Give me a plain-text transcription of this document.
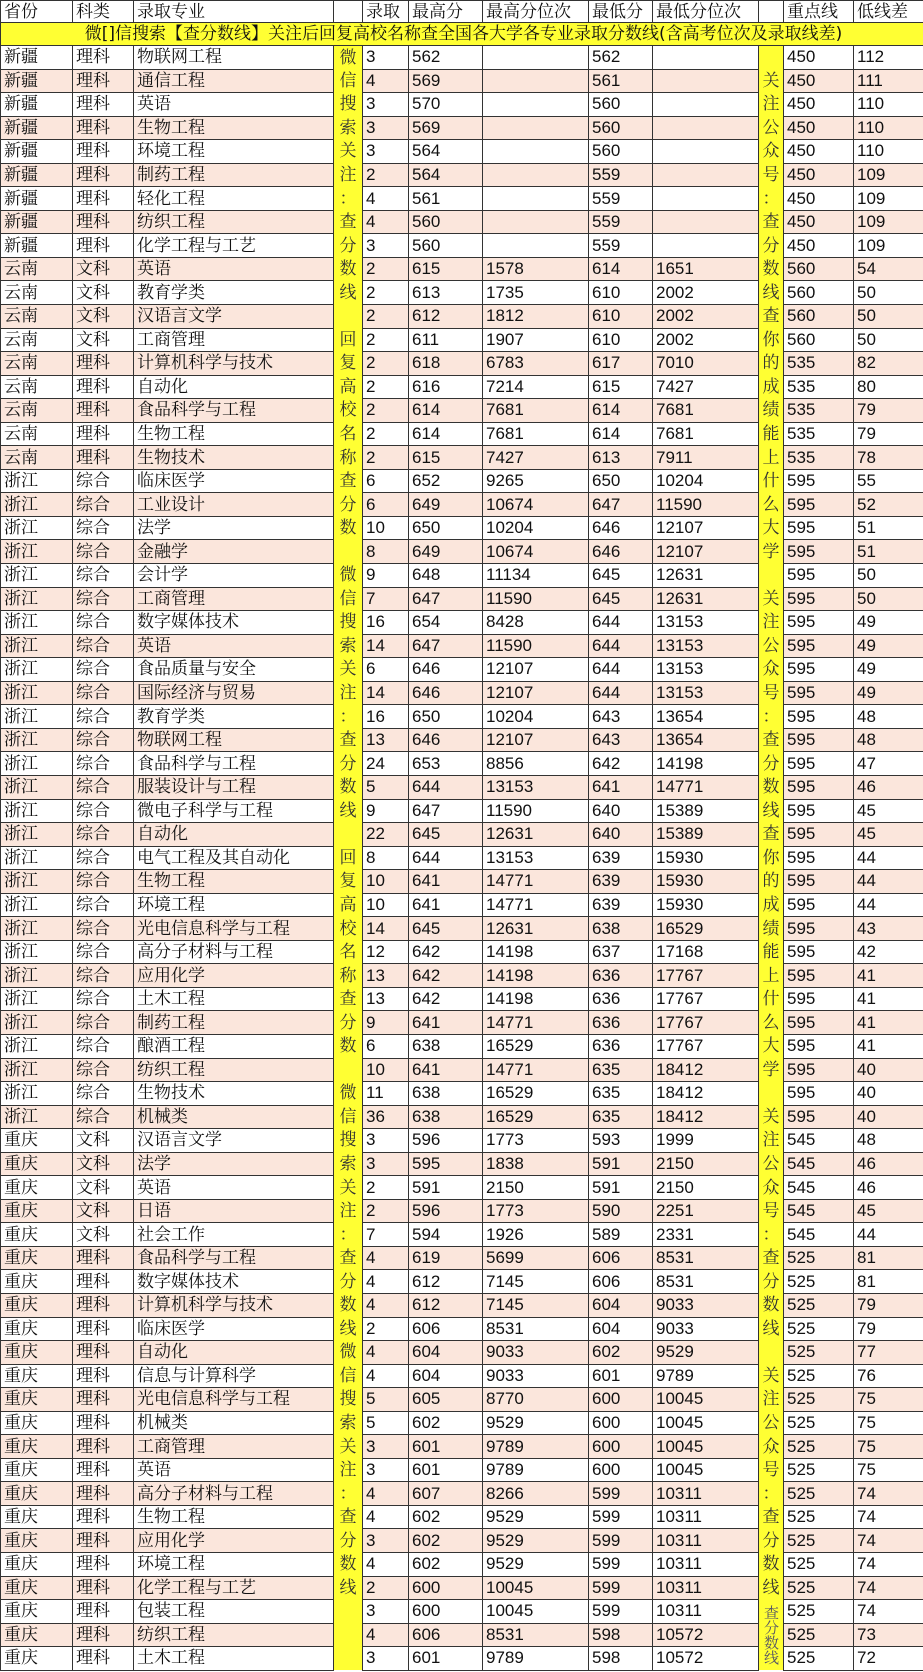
省份	科类	录取专业		录取	最高分	最高分位次	最低分	最低分位次		重点线	低线差
微[]信搜索【查分数线】关注后回复高校名称查全国各大学各专业录取分数线(含高考位次及录取线差)											
新疆	理科	物联网工程	微	3	562		562			450	112
新疆	理科	通信工程	信	4	569		561		关	450	111
新疆	理科	英语	搜	3	570		560		注	450	110
新疆	理科	生物工程	索	3	569		560		公	450	110
新疆	理科	环境工程	关	3	564		560		众	450	110
新疆	理科	制药工程	注	2	564		559		号	450	109
新疆	理科	轻化工程	：	4	561		559		：	450	109
新疆	理科	纺织工程	查	4	560		559		查	450	109
新疆	理科	化学工程与工艺	分	3	560		559		分	450	109
云南	文科	英语	数	2	615	1578	614	1651	数	560	54
云南	文科	教育学类	线	2	613	1735	610	2002	线	560	50
云南	文科	汉语言文学		2	612	1812	610	2002	查	560	50
云南	文科	工商管理	回	2	611	1907	610	2002	你	560	50
云南	理科	计算机科学与技术	复	2	618	6783	617	7010	的	535	82
云南	理科	自动化	高	2	616	7214	615	7427	成	535	80
云南	理科	食品科学与工程	校	2	614	7681	614	7681	绩	535	79
云南	理科	生物工程	名	2	614	7681	614	7681	能	535	79
云南	理科	生物技术	称	2	615	7427	613	7911	上	535	78
浙江	综合	临床医学	查	6	652	9265	650	10204	什	595	55
浙江	综合	工业设计	分	6	649	10674	647	11590	么	595	52
浙江	综合	法学	数	10	650	10204	646	12107	大	595	51
浙江	综合	金融学		8	649	10674	646	12107	学	595	51
浙江	综合	会计学	微	9	648	11134	645	12631		595	50
浙江	综合	工商管理	信	7	647	11590	645	12631	关	595	50
浙江	综合	数字媒体技术	搜	16	654	8428	644	13153	注	595	49
浙江	综合	英语	索	14	647	11590	644	13153	公	595	49
浙江	综合	食品质量与安全	关	6	646	12107	644	13153	众	595	49
浙江	综合	国际经济与贸易	注	14	646	12107	644	13153	号	595	49
浙江	综合	教育学类	：	16	650	10204	643	13654	：	595	48
浙江	综合	物联网工程	查	13	646	12107	643	13654	查	595	48
浙江	综合	食品科学与工程	分	24	653	8856	642	14198	分	595	47
浙江	综合	服装设计与工程	数	5	644	13153	641	14771	数	595	46
浙江	综合	微电子科学与工程	线	9	647	11590	640	15389	线	595	45
浙江	综合	自动化		22	645	12631	640	15389	查	595	45
浙江	综合	电气工程及其自动化	回	8	644	13153	639	15930	你	595	44
浙江	综合	生物工程	复	10	641	14771	639	15930	的	595	44
浙江	综合	环境工程	高	10	641	14771	639	15930	成	595	44
浙江	综合	光电信息科学与工程	校	14	645	12631	638	16529	绩	595	43
浙江	综合	高分子材料与工程	名	12	642	14198	637	17168	能	595	42
浙江	综合	应用化学	称	13	642	14198	636	17767	上	595	41
浙江	综合	土木工程	查	13	642	14198	636	17767	什	595	41
浙江	综合	制药工程	分	9	641	14771	636	17767	么	595	41
浙江	综合	酿酒工程	数	6	638	16529	636	17767	大	595	41
浙江	综合	纺织工程		10	641	14771	635	18412	学	595	40
浙江	综合	生物技术	微	11	638	16529	635	18412		595	40
浙江	综合	机械类	信	36	638	16529	635	18412	关	595	40
重庆	文科	汉语言文学	搜	3	596	1773	593	1999	注	545	48
重庆	文科	法学	索	3	595	1838	591	2150	公	545	46
重庆	文科	英语	关	2	591	2150	591	2150	众	545	46
重庆	文科	日语	注	2	596	1773	590	2251	号	545	45
重庆	文科	社会工作	：	7	594	1926	589	2331	：	545	44
重庆	理科	食品科学与工程	查	4	619	5699	606	8531	查	525	81
重庆	理科	数字媒体技术	分	4	612	7145	606	8531	分	525	81
重庆	理科	计算机科学与技术	数	4	612	7145	604	9033	数	525	79
重庆	理科	临床医学	线	2	606	8531	604	9033	线	525	79
重庆	理科	自动化	微	4	604	9033	602	9529		525	77
重庆	理科	信息与计算科学	信	4	604	9033	601	9789	关	525	76
重庆	理科	光电信息科学与工程	搜	5	605	8770	600	10045	注	525	75
重庆	理科	机械类	索	5	602	9529	600	10045	公	525	75
重庆	理科	工商管理	关	3	601	9789	600	10045	众	525	75
重庆	理科	英语	注	3	601	9789	600	10045	号	525	75
重庆	理科	高分子材料与工程	：	4	607	8266	599	10311	：	525	74
重庆	理科	生物工程	查	4	602	9529	599	10311	查	525	74
重庆	理科	应用化学	分	3	602	9529	599	10311	分	525	74
重庆	理科	环境工程	数	4	602	9529	599	10311	数	525	74
重庆	理科	化学工程与工艺	线	2	600	10045	599	10311	线	525	74
重庆	理科	包装工程		3	600	10045	599	10311		525	74
重庆	理科	纺织工程		4	606	8531	598	10572		525	73
重庆	理科	土木工程		3	601	9789	598	10572		525	72
查分数线
